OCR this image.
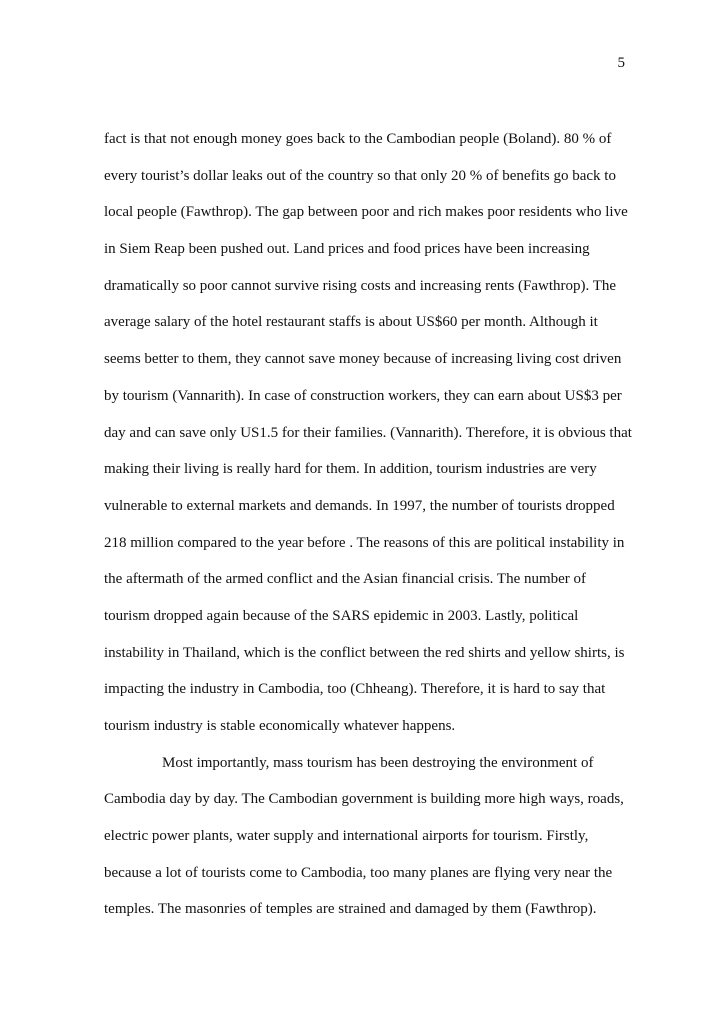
5
fact is that not enough money goes back to the Cambodian people (Boland). 80 % of
every tourist’s dollar leaks out of the country so that only 20 % of benefits go back to
local people (Fawthrop). The gap between poor and rich makes poor residents who live
in Siem Reap been pushed out. Land prices and food prices have been increasing
dramatically so poor cannot survive rising costs and increasing rents (Fawthrop). The
average salary of the hotel restaurant staffs is about US$60 per month. Although it
seems better to them, they cannot save money because of increasing living cost driven
by tourism (Vannarith). In case of construction workers, they can earn about US$3 per
day and can save only US1.5 for their families. (Vannarith). Therefore, it is obvious that
making their living is really hard for them. In addition, tourism industries are very
vulnerable to external markets and demands. In 1997, the number of tourists dropped
218 million compared to the year before . The reasons of this are political instability in
the aftermath of the armed conflict and the Asian financial crisis. The number of
tourism dropped again because of the SARS epidemic in 2003. Lastly, political
instability in Thailand, which is the conflict between the red shirts and yellow shirts, is
impacting the industry in Cambodia, too (Chheang). Therefore, it is hard to say that
tourism industry is stable economically whatever happens.
Most importantly, mass tourism has been destroying the environment of
Cambodia day by day. The Cambodian government is building more high ways, roads,
electric power plants, water supply and international airports for tourism. Firstly,
because a lot of tourists come to Cambodia, too many planes are flying very near the
temples. The masonries of temples are strained and damaged by them (Fawthrop).
